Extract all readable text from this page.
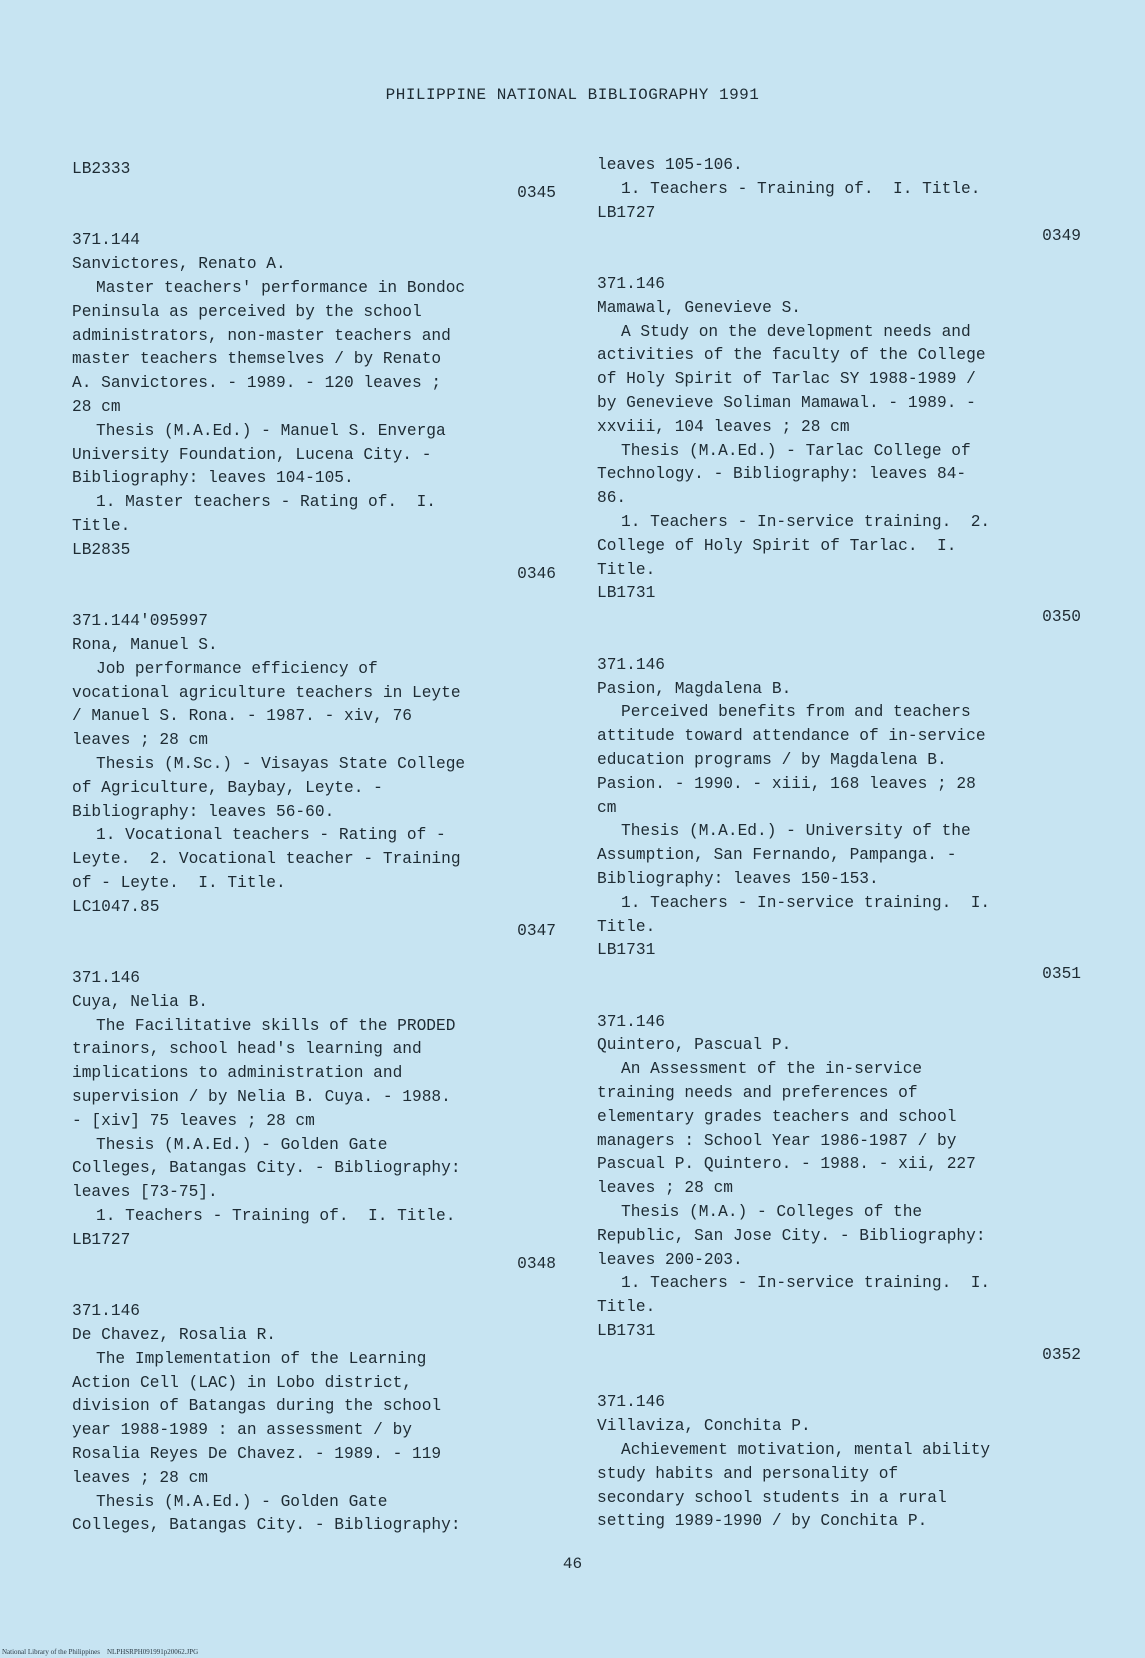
PHILIPPINE NATIONAL BIBLIOGRAPHY 1991
LB2333
0345
371.144
Sanvictores, Renato A.
Master teachers' performance in Bondoc
Peninsula as perceived by the school
administrators, non-master teachers and
master teachers themselves / by Renato
A. Sanvictores. - 1989. - 120 leaves ;
28 cm
Thesis (M.A.Ed.) - Manuel S. Enverga
University Foundation, Lucena City. -
Bibliography: leaves 104-105.
1. Master teachers - Rating of.  I.
Title.
LB2835
0346
371.144'095997
Rona, Manuel S.
Job performance efficiency of
vocational agriculture teachers in Leyte
/ Manuel S. Rona. - 1987. - xiv, 76
leaves ; 28 cm
Thesis (M.Sc.) - Visayas State College
of Agriculture, Baybay, Leyte. -
Bibliography: leaves 56-60.
1. Vocational teachers - Rating of -
Leyte.  2. Vocational teacher - Training
of - Leyte.  I. Title.
LC1047.85
0347
371.146
Cuya, Nelia B.
The Facilitative skills of the PRODED
trainors, school head's learning and
implications to administration and
supervision / by Nelia B. Cuya. - 1988.
- [xiv] 75 leaves ; 28 cm
Thesis (M.A.Ed.) - Golden Gate
Colleges, Batangas City. - Bibliography:
leaves [73-75].
1. Teachers - Training of.  I. Title.
LB1727
0348
371.146
De Chavez, Rosalia R.
The Implementation of the Learning
Action Cell (LAC) in Lobo district,
division of Batangas during the school
year 1988-1989 : an assessment / by
Rosalia Reyes De Chavez. - 1989. - 119
leaves ; 28 cm
Thesis (M.A.Ed.) - Golden Gate
Colleges, Batangas City. - Bibliography:
leaves 105-106.
1. Teachers - Training of.  I. Title.
LB1727
0349
371.146
Mamawal, Genevieve S.
A Study on the development needs and
activities of the faculty of the College
of Holy Spirit of Tarlac SY 1988-1989 /
by Genevieve Soliman Mamawal. - 1989. -
xxviii, 104 leaves ; 28 cm
Thesis (M.A.Ed.) - Tarlac College of
Technology. - Bibliography: leaves 84-
86.
1. Teachers - In-service training.  2.
College of Holy Spirit of Tarlac.  I.
Title.
LB1731
0350
371.146
Pasion, Magdalena B.
Perceived benefits from and teachers
attitude toward attendance of in-service
education programs / by Magdalena B.
Pasion. - 1990. - xiii, 168 leaves ; 28
cm
Thesis (M.A.Ed.) - University of the
Assumption, San Fernando, Pampanga. -
Bibliography: leaves 150-153.
1. Teachers - In-service training.  I.
Title.
LB1731
0351
371.146
Quintero, Pascual P.
An Assessment of the in-service
training needs and preferences of
elementary grades teachers and school
managers : School Year 1986-1987 / by
Pascual P. Quintero. - 1988. - xii, 227
leaves ; 28 cm
Thesis (M.A.) - Colleges of the
Republic, San Jose City. - Bibliography:
leaves 200-203.
1. Teachers - In-service training.  I.
Title.
LB1731
0352
371.146
Villaviza, Conchita P.
Achievement motivation, mental ability
study habits and personality of
secondary school students in a rural
setting 1989-1990 / by Conchita P.
46
National Library of the Philippines    NLPHSRPH091991p20062.JPG
